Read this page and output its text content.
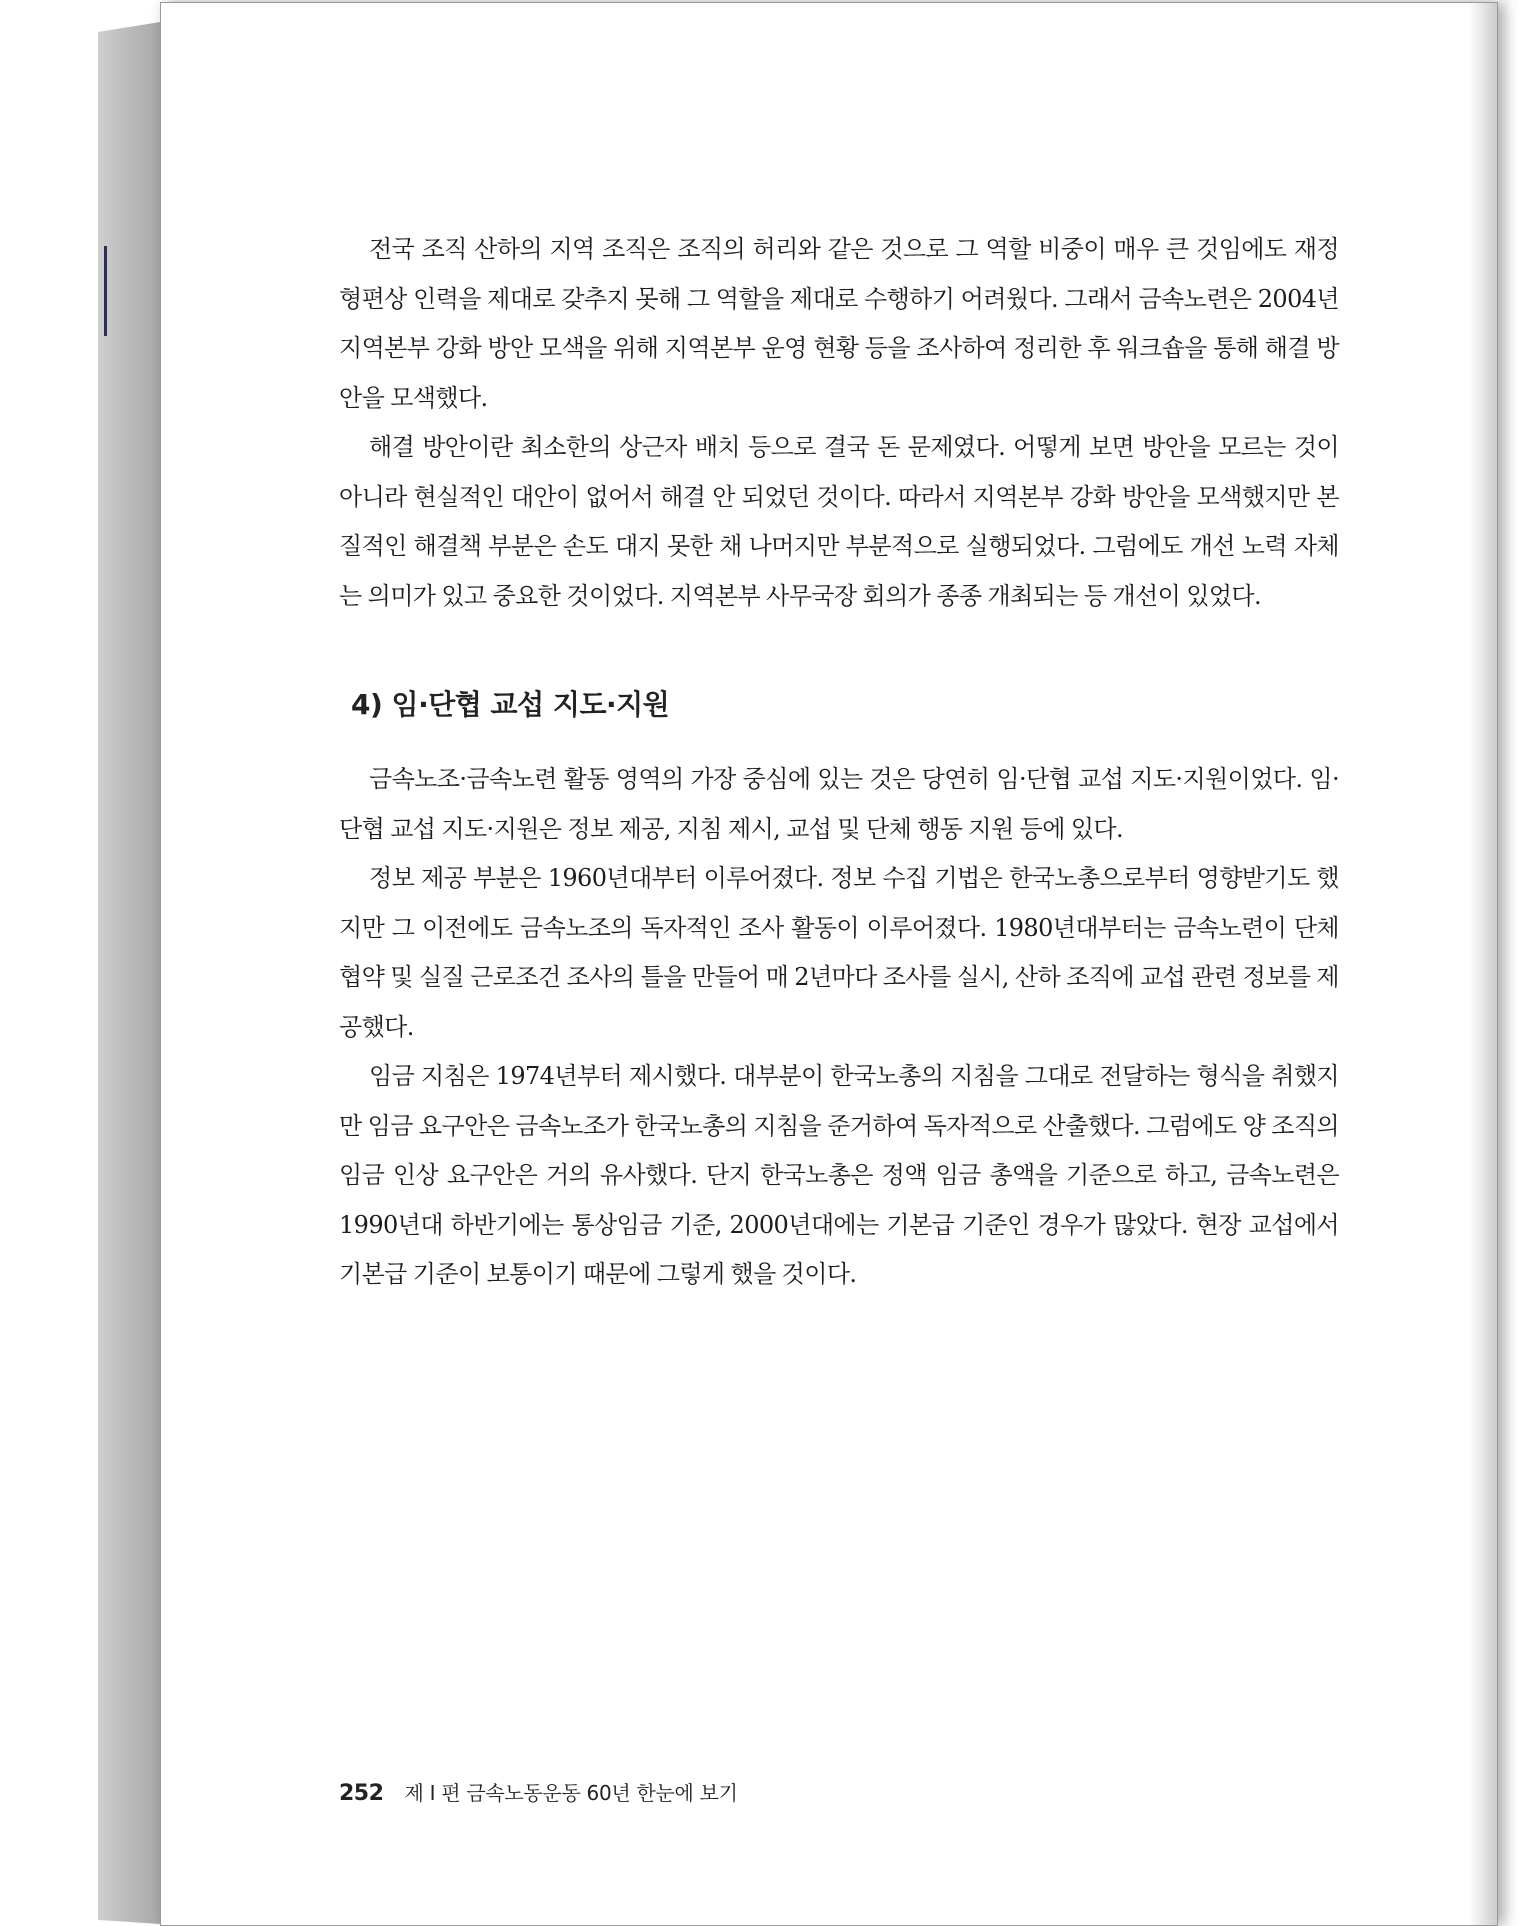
전국 조직 산하의 지역 조직은 조직의 허리와 같은 것으로 그 역할 비중이 매우 큰 것임에도 재정 형편상 인력을 제대로 갖추지 못해 그 역할을 제대로 수행하기 어려웠다. 그래서 금속노련은 2004년 지역본부 강화 방안 모색을 위해 지역본부 운영 현황 등을 조사하여 정리한 후 워크숍을 통해 해결 방안을 모색했다.

해결 방안이란 최소한의 상근자 배치 등으로 결국 돈 문제였다. 어떻게 보면 방안을 모르는 것이 아니라 현실적인 대안이 없어서 해결 안 되었던 것이다. 따라서 지역본부 강화 방안을 모색했지만 본질적인 해결책 부분은 손도 대지 못한 채 나머지만 부분적으로 실행되었다. 그럼에도 개선 노력 자체는 의미가 있고 중요한 것이었다. 지역본부 사무국장 회의가 종종 개최되는 등 개선이 있었다.

4) 임·단협 교섭 지도·지원

금속노조·금속노련 활동 영역의 가장 중심에 있는 것은 당연히 임·단협 교섭 지도·지원이었다. 임·단협 교섭 지도·지원은 정보 제공, 지침 제시, 교섭 및 단체 행동 지원 등에 있다.

정보 제공 부분은 1960년대부터 이루어졌다. 정보 수집 기법은 한국노총으로부터 영향받기도 했지만 그 이전에도 금속노조의 독자적인 조사 활동이 이루어졌다. 1980년대부터는 금속노련이 단체협약 및 실질 근로조건 조사의 틀을 만들어 매 2년마다 조사를 실시, 산하 조직에 교섭 관련 정보를 제공했다.

임금 지침은 1974년부터 제시했다. 대부분이 한국노총의 지침을 그대로 전달하는 형식을 취했지만 임금 요구안은 금속노조가 한국노총의 지침을 준거하여 독자적으로 산출했다. 그럼에도 양 조직의 임금 인상 요구안은 거의 유사했다. 단지 한국노총은 정액 임금 총액을 기준으로 하고, 금속노련은 1990년대 하반기에는 통상임금 기준, 2000년대에는 기본급 기준인 경우가 많았다. 현장 교섭에서 기본급 기준이 보통이기 때문에 그렇게 했을 것이다.

252 제 I 편 금속노동운동 60년 한눈에 보기
